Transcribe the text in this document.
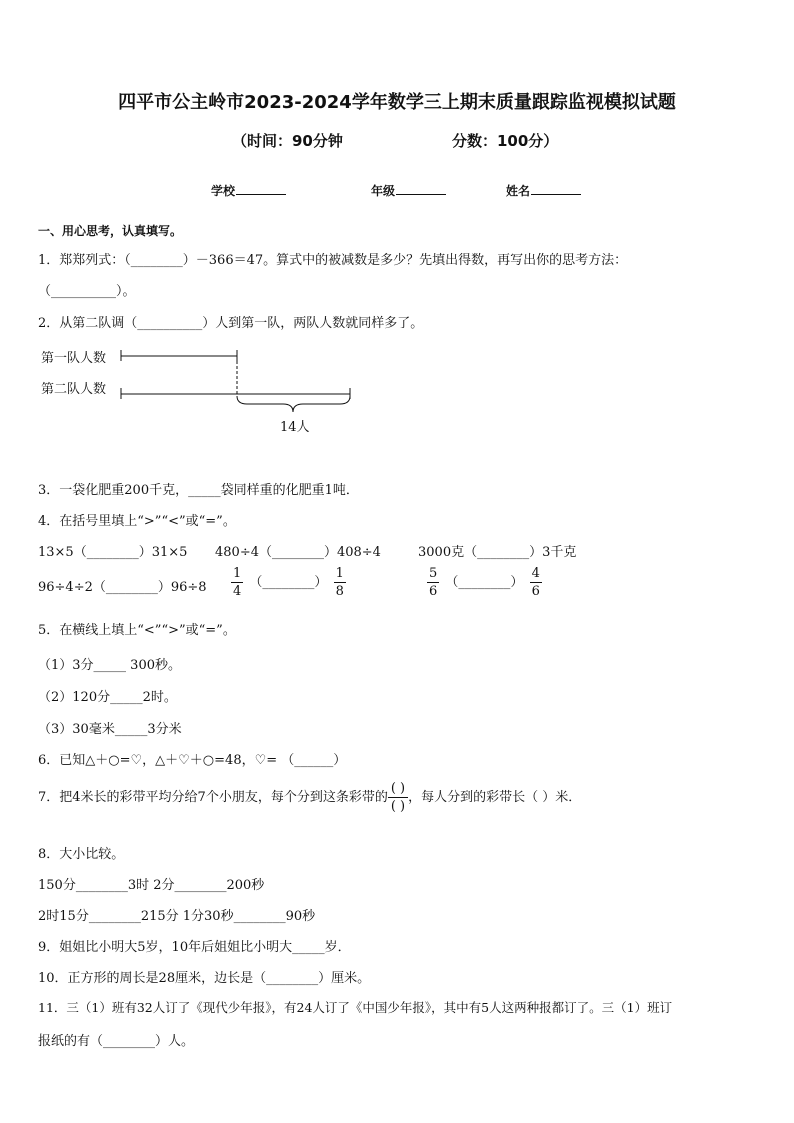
四平市公主岭市2023-2024学年数学三上期末质量跟踪监视模拟试题
（时间：90分钟	分数：100分）
学校	年级	姓名
一、用心思考，认真填写。
1．郑郑列式：（________）－366＝47。算式中的被减数是多少？先填出得数，再写出你的思考方法：
（__________）。
2．从第二队调（__________）人到第一队，两队人数就同样多了。
第一队人数
第二队人数
14人
3．一袋化肥重200千克，_____袋同样重的化肥重1吨．
4．在括号里填上“>”“<”或“=”。
13×5（________）31×5 480÷4（________）408÷4	3000克（________）3千克
96÷4÷2（________）96÷8 $\frac{1}{4}$ （________） $\frac{1}{8}$	$\frac{5}{6}$ （________） $\frac{4}{6}$
5．在横线上填上“<”“>”或“=”。
（1）3分_____ 300秒。
（2）120分_____2时。
（3）30毫米_____3分米
6．已知△＋○=♡，△＋♡＋○=48，♡= （______）
7．把4米长的彩带平均分给7个小朋友，每个分到这条彩带的
( )
( )
，每人分到的彩带长（ ）米．
8．大小比较。
150分________3时 2分________200秒
2时15分________215分 1分30秒________90秒
9．姐姐比小明大5岁，10年后姐姐比小明大_____岁．
10．正方形的周长是28厘米，边长是（________）厘米。
11．三（1）班有32人订了《现代少年报》，有24人订了《中国少年报》，其中有5人这两种报都订了。三（1）班订
报纸的有（________）人。
